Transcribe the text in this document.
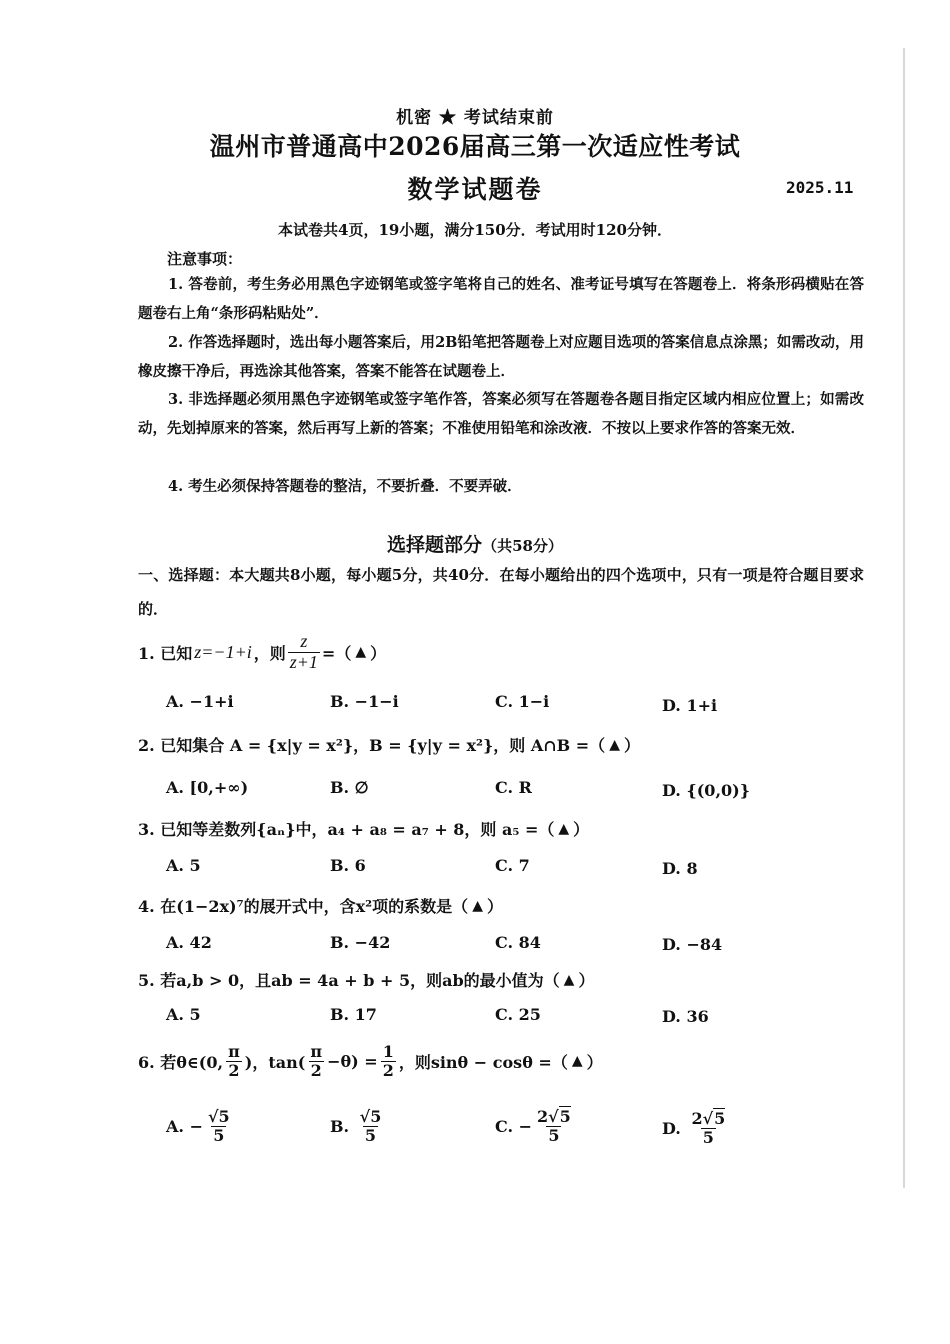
机密 ★ 考试结束前
温州市普通高中2026届高三第一次适应性考试
数学试题卷	2025.11
本试卷共4页，19小题，满分150分．考试用时120分钟．
注意事项：
1. 答卷前，考生务必用黑色字迹钢笔或签字笔将自己的姓名、准考证号填写在答题卷上．将条形码横贴在答题卷右上角“条形码粘贴处”．
2. 作答选择题时，选出每小题答案后，用2B铅笔把答题卷上对应题目选项的答案信息点涂黑；如需改动，用橡皮擦干净后，再选涂其他答案，答案不能答在试题卷上．
3. 非选择题必须用黑色字迹钢笔或签字笔作答，答案必须写在答题卷各题目指定区域内相应位置上；如需改动，先划掉原来的答案，然后再写上新的答案；不准使用铅笔和涂改液．不按以上要求作答的答案无效．
4. 考生必须保持答题卷的整洁，不要折叠．不要弄破．
选择题部分（共58分）
一、选择题：本大题共8小题，每小题5分，共40分．在每小题给出的四个选项中，只有一项是符合题目要求的．
1. 已知 z=−1+i ，则 $\frac{z}{z+1}$ =（ ▲ ）
A. −1+i	B. −1−i	C. 1−i	D. 1+i
2. 已知集合 A = {x|y = x²}，B = {y|y = x²}，则 A∩B =（ ▲ ）
A. [0,+∞)	B. ∅	C. R	D. {(0,0)}
3. 已知等差数列{aₙ}中，a₄ + a₈ = a₇ + 8，则 a₅ =（ ▲ ）
A. 5	B. 6	C. 7	D. 8
4. 在(1−2x)⁷的展开式中，含x²项的系数是（ ▲ ）
A. 42	B. −42	C. 84	D. −84
5. 若a,b > 0，且ab = 4a + b + 5，则ab的最小值为（ ▲ ）
A. 5	B. 17	C. 25	D. 36
6. 若θ∈(0, $\frac{\pi}{2}$ )，$\tan( \frac{\pi}{2} -\theta) = \frac{1}{2}$ ，则sinθ − cosθ =（ ▲ ）
A.
− $\frac{√5}{5}$	B.
$\frac{√5}{5}$	C.
− $\frac{2√5}{5}$	D.
$\frac{2√5}{5}$
